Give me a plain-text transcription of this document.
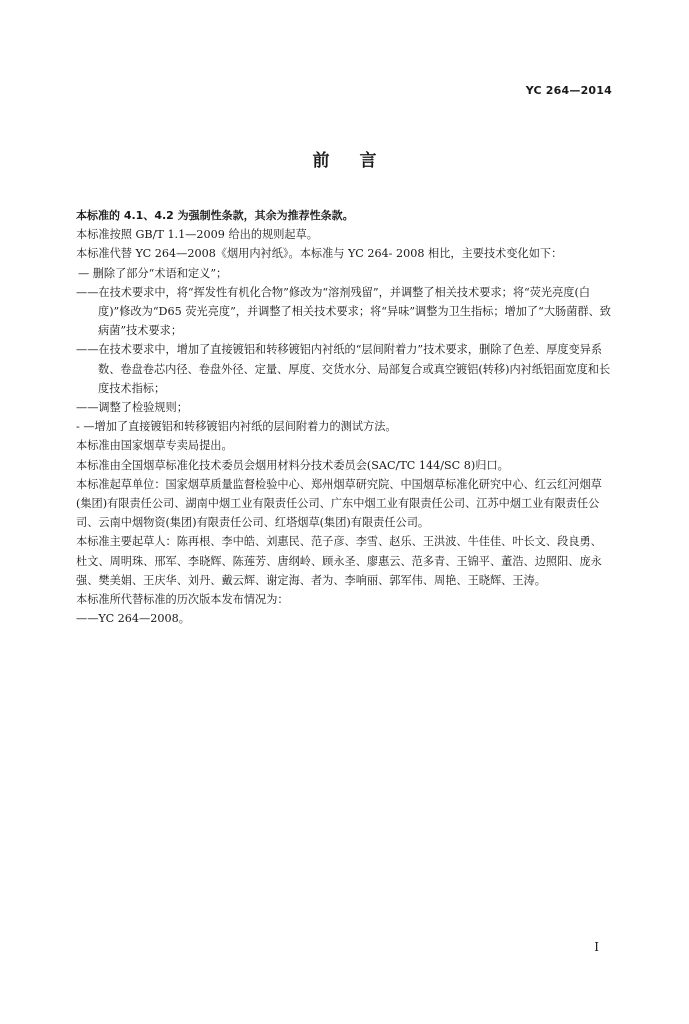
YC 264—2014
前 言

本标准的 4.1、4.2 为强制性条款，其余为推荐性条款。

本标准按照 GB/T 1.1—2009 给出的规则起草。

本标准代替 YC 264—2008《烟用内衬纸》。本标准与 YC 264- 2008 相比，主要技术变化如下：

— 删除了部分“术语和定义”；

——在技术要求中，将“挥发性有机化合物”修改为“溶剂残留”，并调整了相关技术要求；将“荧光亮度(白度)”修改为“D65 荧光亮度”，并调整了相关技术要求；将“异味”调整为卫生指标；增加了“大肠菌群、致病菌”技术要求；

——在技术要求中，增加了直接镀铝和转移镀铝内衬纸的“层间附着力”技术要求，删除了色差、厚度变异系数、卷盘卷芯内径、卷盘外径、定量、厚度、交货水分、局部复合或真空镀铝(转移)内衬纸铝面宽度和长度技术指标；

——调整了检验规则；

- —增加了直接镀铝和转移镀铝内衬纸的层间附着力的测试方法。

本标准由国家烟草专卖局提出。

本标准由全国烟草标准化技术委员会烟用材料分技术委员会(SAC/TC 144/SC 8)归口。

本标准起草单位：国家烟草质量监督检验中心、郑州烟草研究院、中国烟草标准化研究中心、红云红河烟草(集团)有限责任公司、湖南中烟工业有限责任公司、广东中烟工业有限责任公司、江苏中烟工业有限责任公司、云南中烟物资(集团)有限责任公司、红塔烟草(集团)有限责任公司。

本标准主要起草人：陈再根、李中皓、刘惠民、范子彦、李雪、赵乐、王洪波、牛佳佳、叶长文、段良勇、杜文、周明珠、邢军、李晓辉、陈莲芳、唐纲岭、顾永圣、廖惠云、范多青、王锦平、董浩、边照阳、庞永强、樊美娟、王庆华、刘丹、戴云辉、谢定海、者为、李响丽、郭军伟、周艳、王晓辉、王涛。

本标准所代替标准的历次版本发布情况为：

——YC 264—2008。

I
